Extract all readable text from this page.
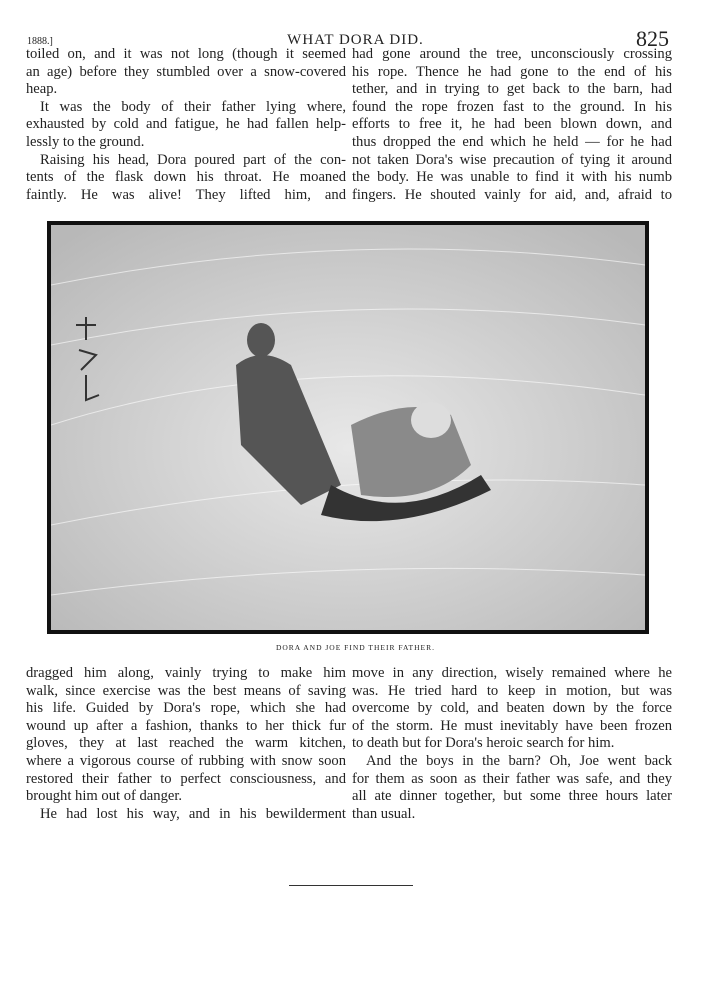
1888.]	WHAT DORA DID.	825
toiled on, and it was not long (though it seemed
an age) before they stumbled over a snow-covered
heap.
It was the body of their father lying where,
exhausted by cold and fatigue, he had fallen help-
lessly to the ground.
Raising his head, Dora poured part of the con-
tents of the flask down his throat. He moaned
faintly. He was alive! They lifted him, and
had gone around the tree, unconsciously crossing
his rope. Thence he had gone to the end of his
tether, and in trying to get back to the barn, had
found the rope frozen fast to the ground. In his
efforts to free it, he had been blown down, and
thus dropped the end which he held — for he had
not taken Dora's wise precaution of tying it around
the body. He was unable to find it with his numb
fingers. He shouted vainly for aid, and, afraid to
DORA AND JOE FIND THEIR FATHER.
dragged him along, vainly trying to make him
walk, since exercise was the best means of saving
his life. Guided by Dora's rope, which she had
wound up after a fashion, thanks to her thick fur
gloves, they at last reached the warm kitchen,
where a vigorous course of rubbing with snow soon
restored their father to perfect consciousness, and
brought him out of danger.
He had lost his way, and in his bewilderment
move in any direction, wisely remained where he
was. He tried hard to keep in motion, but was
overcome by cold, and beaten down by the force
of the storm. He must inevitably have been frozen
to death but for Dora's heroic search for him.
And the boys in the barn? Oh, Joe went back
for them as soon as their father was safe, and they
all ate dinner together, but some three hours later
than usual.
